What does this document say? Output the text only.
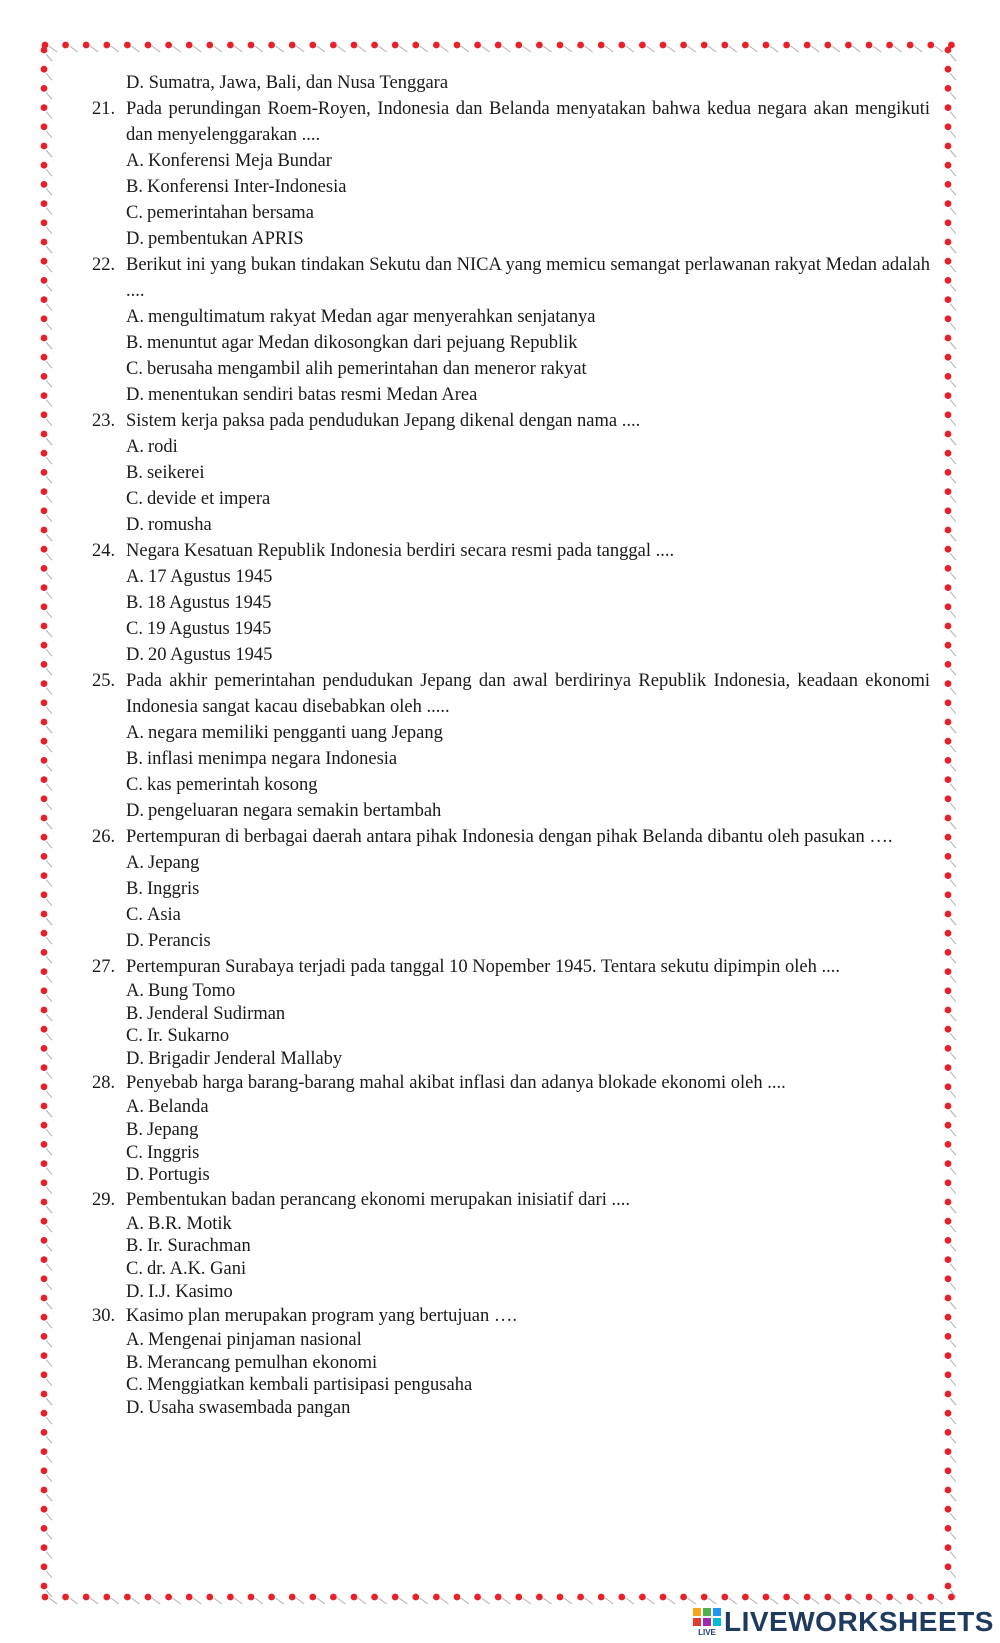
D. Sumatra, Jawa, Bali, dan Nusa Tenggara

21. Pada perundingan Roem-Royen, Indonesia dan Belanda menyatakan bahwa kedua negara akan mengikuti dan menyelenggarakan ....
A. Konferensi Meja Bundar
B. Konferensi Inter-Indonesia
C. pemerintahan bersama
D. pembentukan APRIS
22. Berikut ini yang bukan tindakan Sekutu dan NICA yang memicu semangat perlawanan rakyat Medan adalah ....
A. mengultimatum rakyat Medan agar menyerahkan senjatanya
B. menuntut agar Medan dikosongkan dari pejuang Republik
C. berusaha mengambil alih pemerintahan dan meneror rakyat
D. menentukan sendiri batas resmi Medan Area
23. Sistem kerja paksa pada pendudukan Jepang dikenal dengan nama ....
A. rodi
B. seikerei
C. devide et impera
D. romusha
24. Negara Kesatuan Republik Indonesia berdiri secara resmi pada tanggal ....
A. 17 Agustus 1945
B. 18 Agustus 1945
C. 19 Agustus 1945
D. 20 Agustus 1945
25. Pada akhir pemerintahan pendudukan Jepang dan awal berdirinya Republik Indonesia, keadaan ekonomi Indonesia sangat kacau disebabkan oleh .....
A. negara memiliki pengganti uang Jepang
B. inflasi menimpa negara Indonesia
C. kas pemerintah kosong
D. pengeluaran negara semakin bertambah
26. Pertempuran di berbagai daerah antara pihak Indonesia dengan pihak Belanda dibantu oleh pasukan ….
A. Jepang
B. Inggris
C. Asia
D. Perancis
27. Pertempuran Surabaya terjadi pada tanggal 10 Nopember 1945. Tentara sekutu dipimpin oleh ....
A. Bung Tomo
B. Jenderal Sudirman
C. Ir. Sukarno
D. Brigadir Jenderal Mallaby
28. Penyebab harga barang-barang mahal akibat inflasi dan adanya blokade ekonomi oleh ....
A. Belanda
B. Jepang
C. Inggris
D. Portugis
29. Pembentukan badan perancang ekonomi merupakan inisiatif dari ....
A. B.R. Motik
B. Ir. Surachman
C. dr. A.K. Gani
D. I.J. Kasimo
30. Kasimo plan merupakan program yang bertujuan ….
A. Mengenai pinjaman nasional
B. Merancang pemulhan ekonomi
C. Menggiatkan kembali partisipasi pengusaha
D. Usaha swasembada pangan
LIVE LIVEWORKSHEETS
